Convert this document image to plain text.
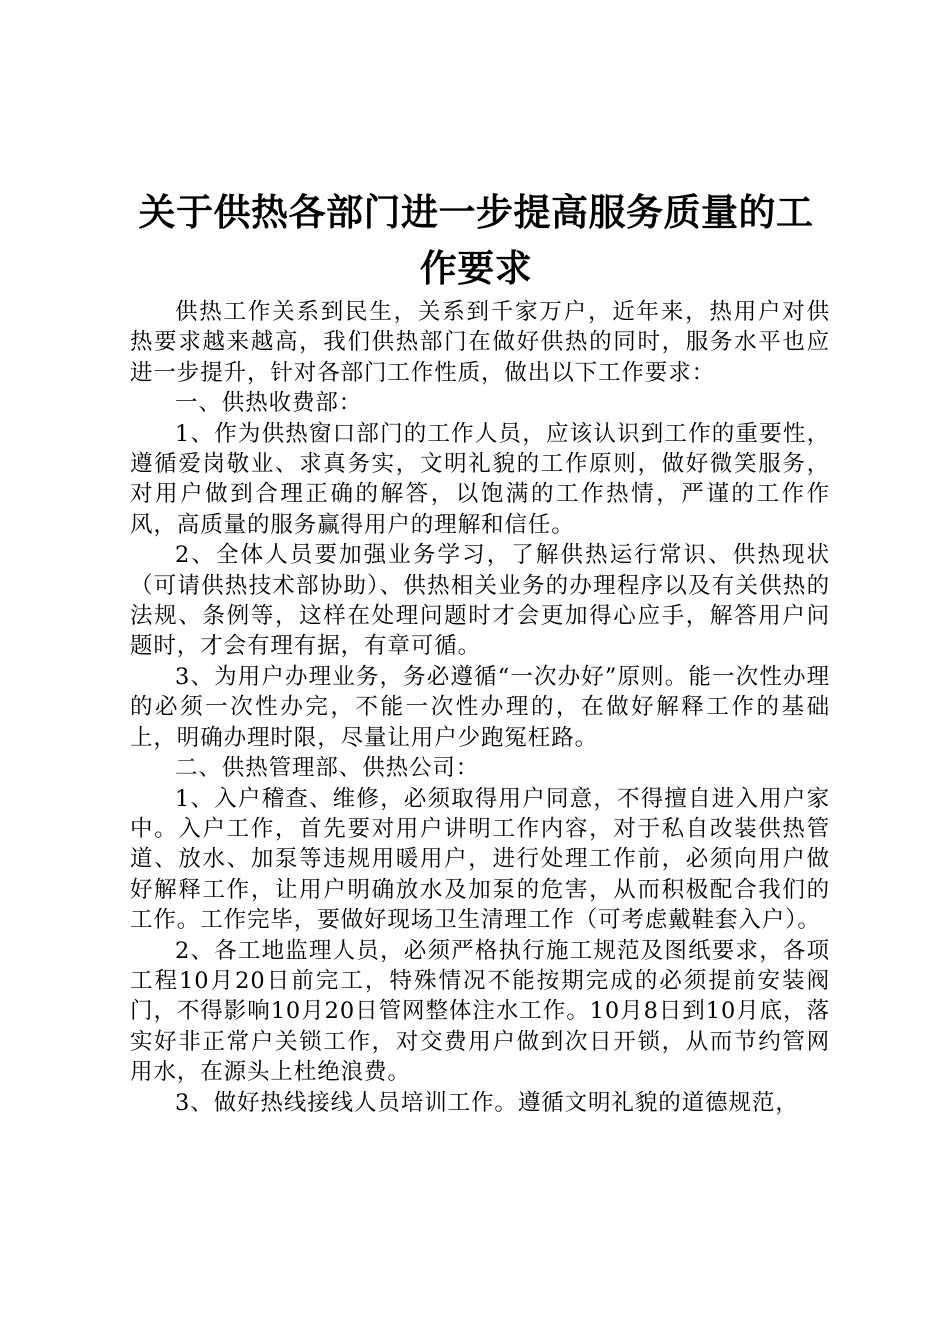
关于供热各部门进一步提高服务质量的工作要求

供热工作关系到民生，关系到千家万户，近年来，热用户对供热要求越来越高，我们供热部门在做好供热的同时，服务水平也应进一步提升，针对各部门工作性质，做出以下工作要求：

一、供热收费部：

1、作为供热窗口部门的工作人员，应该认识到工作的重要性，遵循爱岗敬业、求真务实，文明礼貌的工作原则，做好微笑服务，对用户做到合理正确的解答，以饱满的工作热情，严谨的工作作风，高质量的服务赢得用户的理解和信任。

2、全体人员要加强业务学习，了解供热运行常识、供热现状（可请供热技术部协助）、供热相关业务的办理程序以及有关供热的法规、条例等，这样在处理问题时才会更加得心应手，解答用户问题时，才会有理有据，有章可循。

3、为用户办理业务，务必遵循“一次办好”原则。能一次性办理的必须一次性办完，不能一次性办理的，在做好解释工作的基础上，明确办理时限，尽量让用户少跑冤枉路。

二、供热管理部、供热公司：

1、入户稽查、维修，必须取得用户同意，不得擅自进入用户家中。入户工作，首先要对用户讲明工作内容，对于私自改装供热管道、放水、加泵等违规用暖用户，进行处理工作前，必须向用户做好解释工作，让用户明确放水及加泵的危害，从而积极配合我们的工作。工作完毕，要做好现场卫生清理工作（可考虑戴鞋套入户）。

2、各工地监理人员，必须严格执行施工规范及图纸要求，各项工程10月20日前完工，特殊情况不能按期完成的必须提前安装阀门，不得影响10月20日管网整体注水工作。10月8日到10月底，落实好非正常户关锁工作，对交费用户做到次日开锁，从而节约管网用水，在源头上杜绝浪费。

3、做好热线接线人员培训工作。遵循文明礼貌的道德规范，
